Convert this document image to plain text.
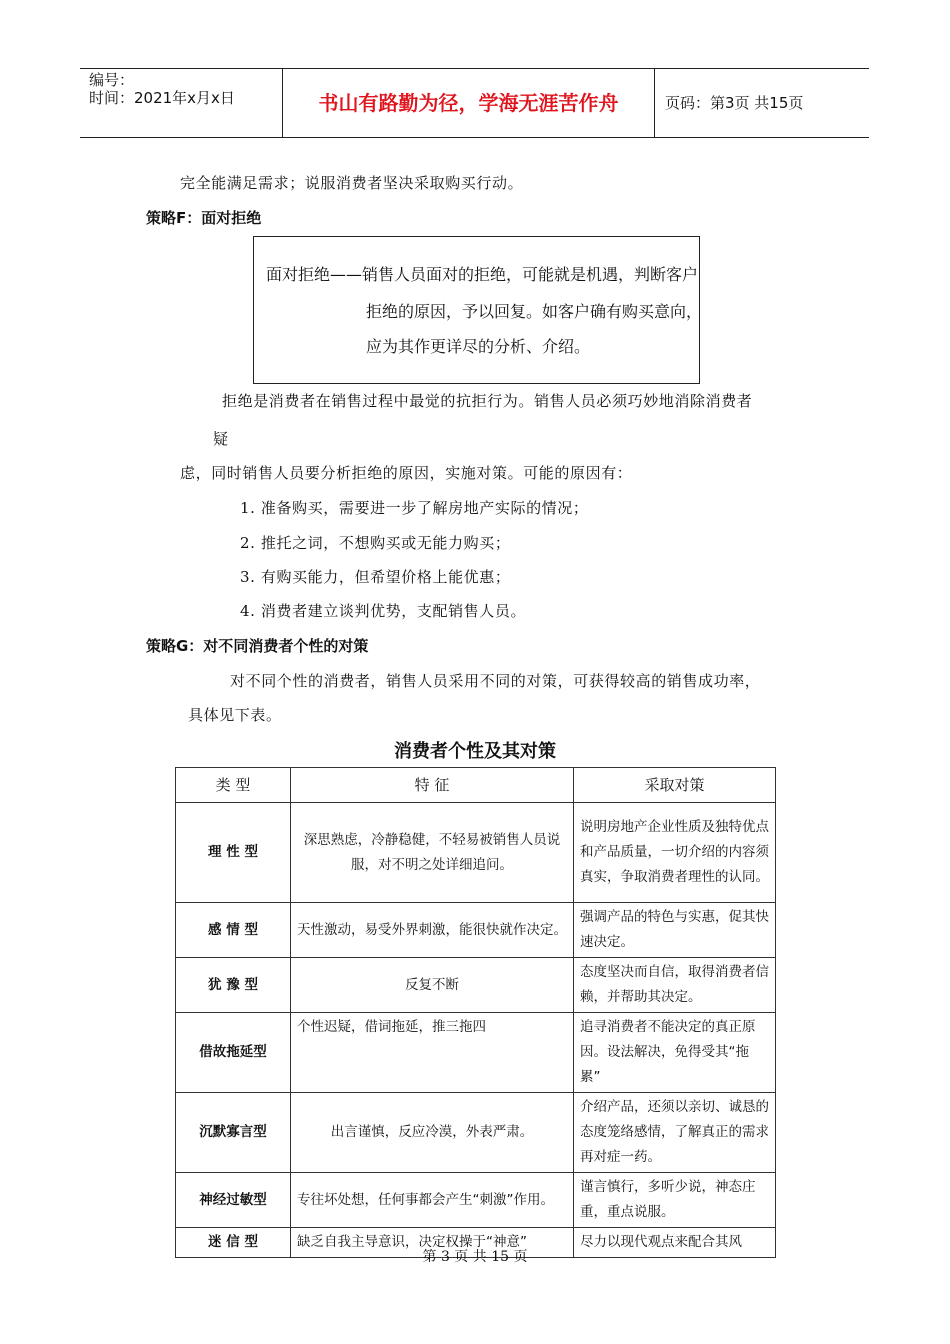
编号：
时间：2021年x月x日	书山有路勤为径，学海无涯苦作舟	页码：第3页 共15页
完全能满足需求；说服消费者坚决采取购买行动。
策略F：面对拒绝
面对拒绝——销售人员面对的拒绝，可能就是机遇，判断客户
拒绝的原因，予以回复。如客户确有购买意向，
应为其作更详尽的分析、介绍。
拒绝是消费者在销售过程中最觉的抗拒行为。销售人员必须巧妙地消除消费者
疑
虑，同时销售人员要分析拒绝的原因，实施对策。可能的原因有：
1. 准备购买，需要进一步了解房地产实际的情况；
2. 推托之词，不想购买或无能力购买；
3. 有购买能力，但希望价格上能优惠；
4. 消费者建立谈判优势，支配销售人员。
策略G：对不同消费者个性的对策
对不同个性的消费者，销售人员采用不同的对策，可获得较高的销售成功率，
具体见下表。
消费者个性及其对策
类 型	特 征	采取对策
理 性 型	深思熟虑，冷静稳健，不轻易被销售人员说服，对不明之处详细追问。	说明房地产企业性质及独特优点和产品质量，一切介绍的内容须真实，争取消费者理性的认同。
感 情 型	天性激动，易受外界刺激，能很快就作决定。	强调产品的特色与实惠，促其快速决定。
犹 豫 型	反复不断	态度坚决而自信，取得消费者信赖，并帮助其决定。
借故拖延型	个性迟疑，借词拖延，推三拖四	追寻消费者不能决定的真正原因。设法解决，免得受其“拖累”
沉默寡言型	出言谨慎，反应冷漠，外表严肃。	介绍产品，还须以亲切、诚恳的态度笼络感情，了解真正的需求再对症一药。
神经过敏型	专往坏处想，任何事都会产生“刺激”作用。	谨言慎行，多听少说，神态庄重，重点说服。
迷 信 型	缺乏自我主导意识，决定权操于“神意”	尽力以现代观点来配合其风
第 3 页 共 15 页
